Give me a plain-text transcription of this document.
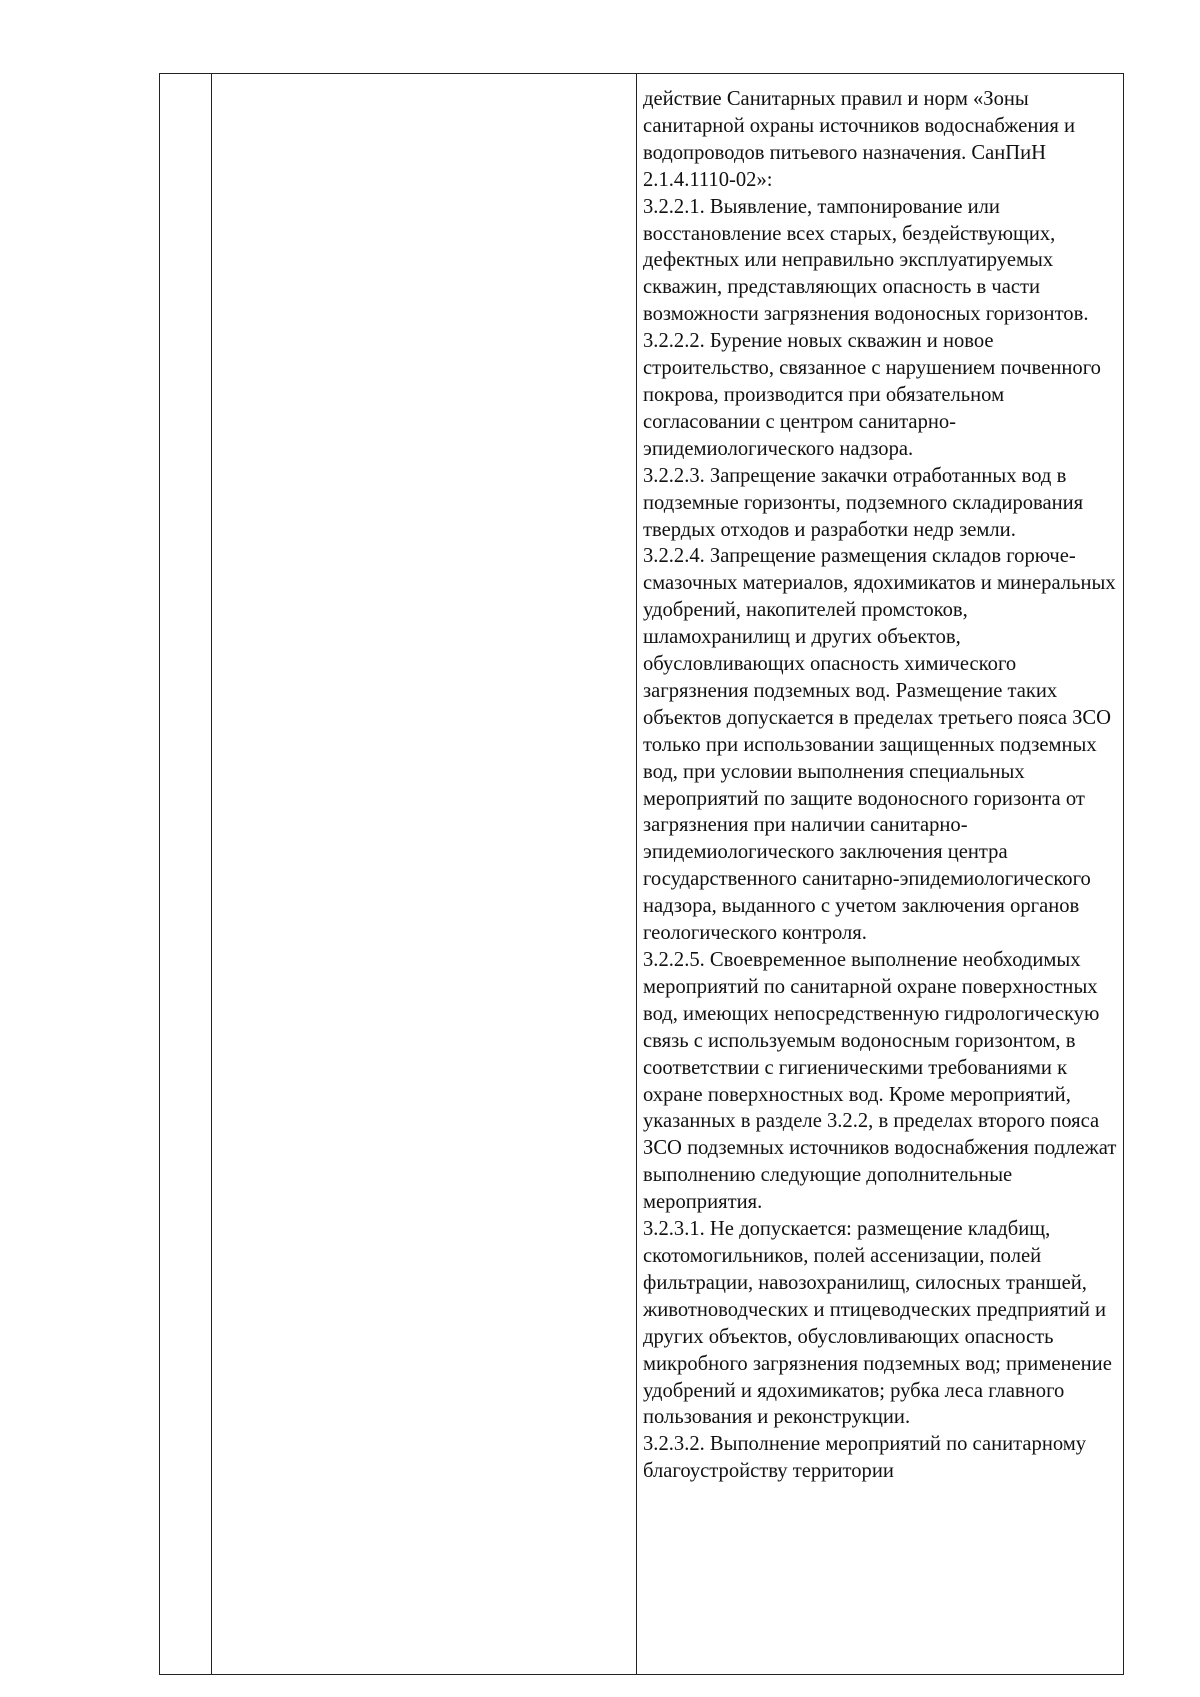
действие Санитарных правил и норм «Зоны санитарной охраны источников водоснабжения и водопроводов питьевого назначения. СанПиН 2.1.4.1110-02»:
3.2.2.1. Выявление, тампонирование или восстановление всех старых, бездействующих, дефектных или неправильно эксплуатируемых скважин, представляющих опасность в части возможности загрязнения водоносных горизонтов.
3.2.2.2. Бурение новых скважин и новое строительство, связанное с нарушением почвенного покрова, производится при обязательном согласовании с центром санитарно-эпидемиологического надзора.
3.2.2.3. Запрещение закачки отработанных вод в подземные горизонты, подземного складирования твердых отходов и разработки недр земли.
3.2.2.4. Запрещение размещения складов горюче-смазочных материалов, ядохимикатов и минеральных удобрений, накопителей промстоков, шламохранилищ и других объектов, обусловливающих опасность химического загрязнения подземных вод. Размещение таких объектов допускается в пределах третьего пояса ЗСО только при использовании защищенных подземных вод, при условии выполнения специальных мероприятий по защите водоносного горизонта от загрязнения при наличии санитарно-эпидемиологического заключения центра государственного санитарно-эпидемиологического надзора, выданного с учетом заключения органов геологического контроля.
3.2.2.5. Своевременное выполнение необходимых мероприятий по санитарной охране поверхностных вод, имеющих непосредственную гидрологическую связь с используемым водоносным горизонтом, в соответствии с гигиеническими требованиями к охране поверхностных вод. Кроме мероприятий, указанных в разделе 3.2.2, в пределах второго пояса ЗСО подземных источников водоснабжения подлежат выполнению следующие дополнительные мероприятия.
3.2.3.1. Не допускается: размещение кладбищ, скотомогильников, полей ассенизации, полей фильтрации, навозохранилищ, силосных траншей, животноводческих и птицеводческих предприятий и других объектов, обусловливающих опасность микробного загрязнения подземных вод; применение удобрений и ядохимикатов; рубка леса главного пользования и реконструкции.
3.2.3.2. Выполнение мероприятий по санитарному благоустройству территории
